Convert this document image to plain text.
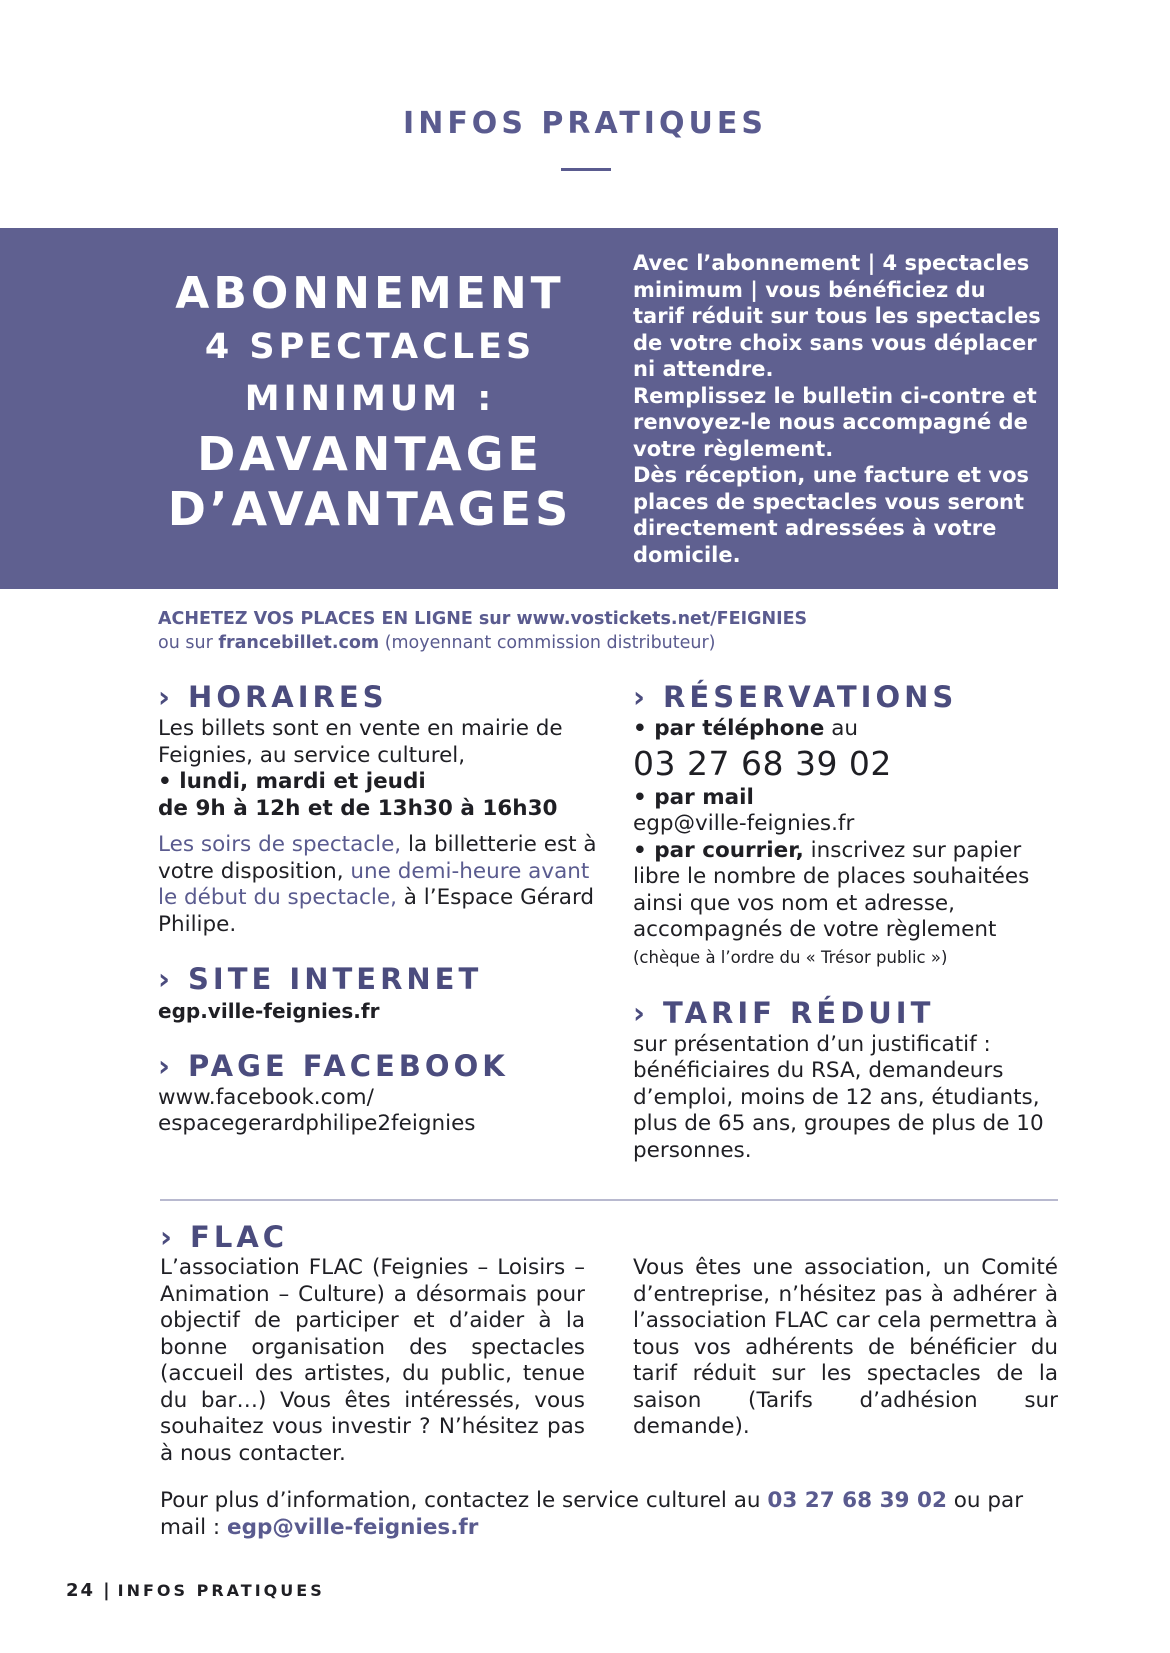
INFOS PRATIQUES
ABONNEMENT
4 SPECTACLES
MINIMUM :
DAVANTAGE
D’AVANTAGES

Avec l’abonnement | 4 spectacles minimum | vous bénéficiez du tarif réduit sur tous les spectacles de votre choix sans vous déplacer ni attendre.

Remplissez le bulletin ci-contre et renvoyez-le nous accompagné de votre règlement.

Dès réception, une facture et vos places de spectacles vous seront directement adressées à votre domicile.

ACHETEZ VOS PLACES EN LIGNE sur www.vostickets.net/FEIGNIES
ou sur francebillet.com (moyennant commission distributeur)
› HORAIRES

Les billets sont en vente en mairie de Feignies, au service culturel,

• lundi, mardi et jeudi

de 9h à 12h et de 13h30 à 16h30

Les soirs de spectacle, la billetterie est à votre disposition, une demi-heure avant le début du spectacle, à l’Espace Gérard Philipe.

› SITE INTERNET

egp.ville-feignies.fr

› PAGE FACEBOOK

www.facebook.com/
espacegerardphilipe2feignies

› RÉSERVATIONS

• par téléphone au

03 27 68 39 02

• par mail

egp@ville-feignies.fr

• par courrier, inscrivez sur papier libre le nombre de places souhaitées ainsi que vos nom et adresse, accompagnés de votre règlement

(chèque à l’ordre du « Trésor public »)

› TARIF RÉDUIT

sur présentation d’un justificatif : bénéficiaires du RSA, demandeurs d’emploi, moins de 12 ans, étudiants, plus de 65 ans, groupes de plus de 10 personnes.

› FLAC
L’association FLAC (Feignies – Loisirs – Animation – Culture) a désormais pour objectif de participer et d’aider à la bonne organisation des spectacles (accueil des artistes, du public, tenue du bar…) Vous êtes intéressés, vous souhaitez vous investir ? N’hésitez pas à nous contacter.
Vous êtes une association, un Comité d’entreprise, n’hésitez pas à adhérer à l’association FLAC car cela permettra à tous vos adhérents de bénéficier du tarif réduit sur les spectacles de la saison (Tarifs d’adhésion sur demande).
Pour plus d’information, contactez le service culturel au 03 27 68 39 02 ou par mail : egp@ville-feignies.fr
24 | INFOS PRATIQUES
